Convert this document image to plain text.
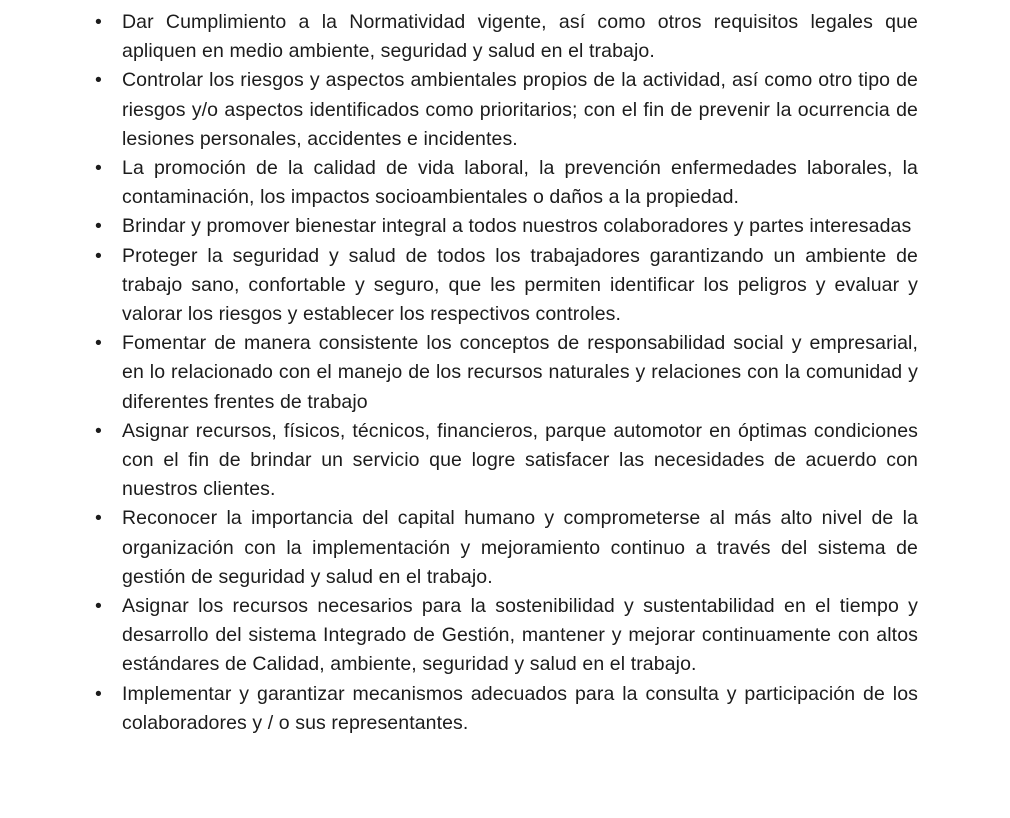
•	Dar Cumplimiento a la Normatividad vigente, así como otros requisitos legales que apliquen en medio ambiente, seguridad y salud en el trabajo.
•	Controlar los riesgos y aspectos ambientales propios de la actividad, así como otro tipo de riesgos y/o aspectos identificados como prioritarios; con el fin de prevenir la ocurrencia de lesiones personales, accidentes e incidentes.
•	La promoción de la calidad de vida laboral, la prevención enfermedades laborales, la contaminación, los impactos socioambientales o daños a la propiedad.
•	Brindar y promover bienestar integral a todos nuestros colaboradores y partes interesadas
•	Proteger la seguridad y salud de todos los trabajadores garantizando un ambiente de trabajo sano, confortable y seguro, que les permiten identificar los peligros y evaluar y valorar los riesgos y establecer los respectivos controles.
•	Fomentar de manera consistente los conceptos de responsabilidad social y empresarial, en lo relacionado con el manejo de los recursos naturales y relaciones con la comunidad y diferentes frentes de trabajo
•	Asignar recursos, físicos, técnicos, financieros, parque automotor en óptimas condiciones con el fin de brindar un servicio que logre satisfacer las necesidades de acuerdo con nuestros clientes.
•	Reconocer la importancia del capital humano y comprometerse al más alto nivel de la organización con la implementación y mejoramiento continuo a través del sistema de gestión de seguridad y salud en el trabajo.
•	Asignar los recursos necesarios para la sostenibilidad y sustentabilidad en el tiempo y desarrollo del sistema Integrado de Gestión, mantener y mejorar continuamente con altos estándares de Calidad, ambiente, seguridad y salud en el trabajo.
•	Implementar y garantizar mecanismos adecuados para la consulta y participación de los colaboradores y / o sus representantes.
